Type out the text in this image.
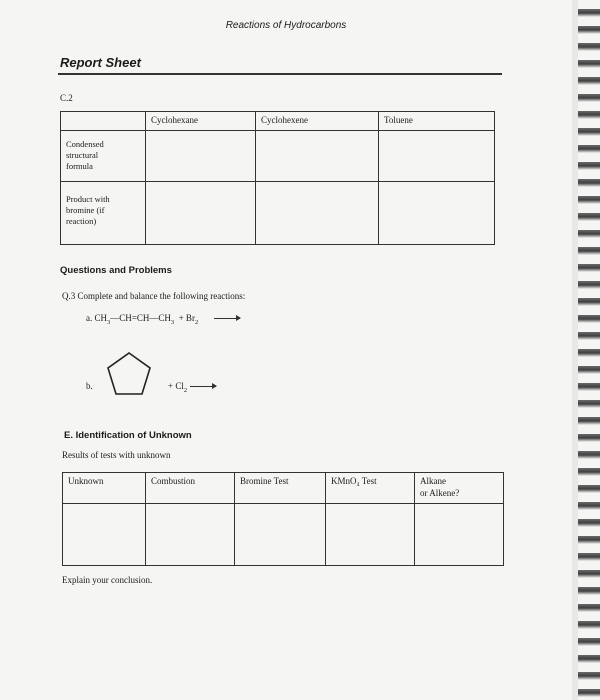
Reactions of Hydrocarbons
Report Sheet
C.2
	Cyclohexane	Cyclohexene	Toluene

Condensed
structural
formula			

Product with
bromine (if
reaction)			

Questions and Problems
Q.3 Complete and balance the following reactions:
a. $CH_3—CH=CH—CH_3 + Br_2$
b.	+ $Cl_2$ →
E. Identification of Unknown
Results of tests with unknown
Unknown	Combustion	Bromine Test	KMnO₄ Test	Alkane
or Alkene?

Explain your conclusion.
